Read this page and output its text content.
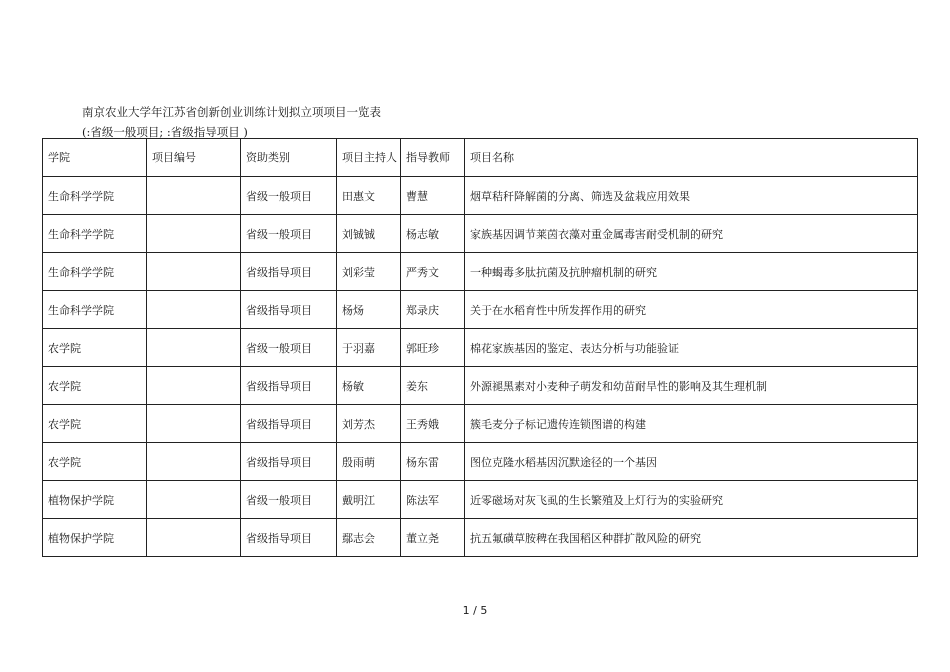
南京农业大学年江苏省创新创业训练计划拟立项项目一览表
(:省级一般项目; :省级指导项目 )
学院	项目编号	资助类别	项目主持人	指导教师	项目名称
生命科学学院		省级一般项目	田惠文	曹慧	烟草秸秆降解菌的分离、筛选及盆栽应用效果
生命科学学院		省级一般项目	刘铖铖	杨志敏	家族基因调节莱茵衣藻对重金属毒害耐受机制的研究
生命科学学院		省级指导项目	刘彩莹	严秀文	一种蝎毒多肽抗菌及抗肿瘤机制的研究
生命科学学院		省级指导项目	杨炀	郑录庆	关于在水稻育性中所发挥作用的研究
农学院		省级一般项目	于羽嘉	郭旺珍	棉花家族基因的鉴定、表达分析与功能验证
农学院		省级指导项目	杨敏	姜东	外源褪黑素对小麦种子萌发和幼苗耐旱性的影响及其生理机制
农学院		省级指导项目	刘芳杰	王秀娥	簇毛麦分子标记遗传连锁图谱的构建
农学院		省级指导项目	殷雨萌	杨东雷	图位克隆水稻基因沉默途径的一个基因
植物保护学院		省级一般项目	戴明江	陈法军	近零磁场对灰飞虱的生长繁殖及上灯行为的实验研究
植物保护学院		省级指导项目	鄢志会	董立尧	抗五氟磺草胺稗在我国稻区种群扩散风险的研究
1 / 5
